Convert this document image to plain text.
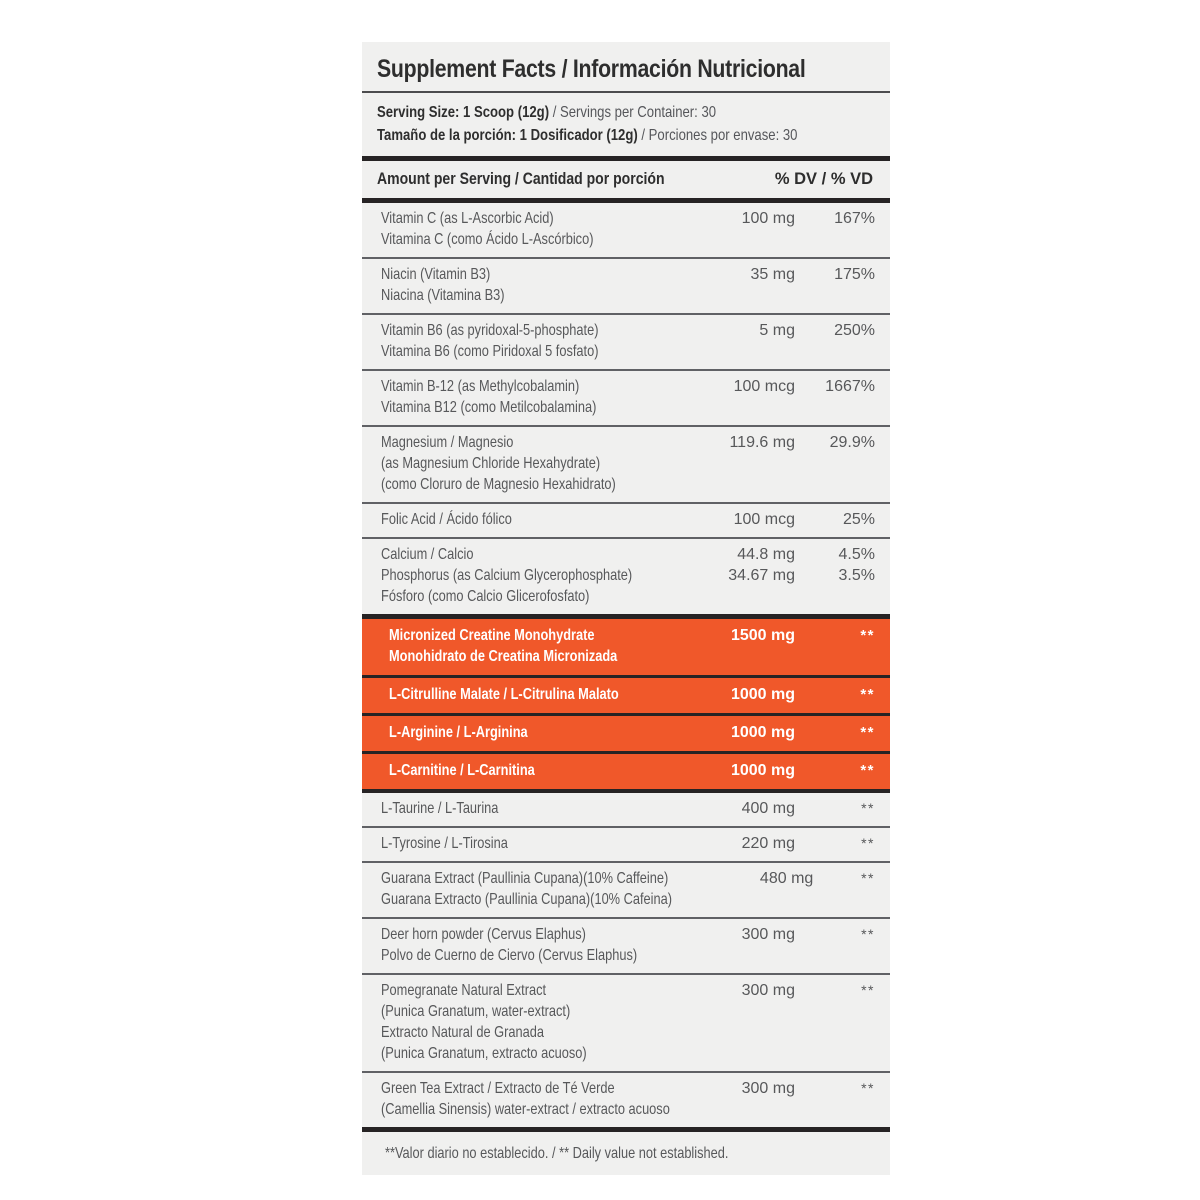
Supplement Facts / Información Nutricional
Serving Size: 1 Scoop (12g) / Servings per Container: 30
Tamaño de la porción: 1 Dosificador (12g) / Porciones por envase: 30
Amount per Serving / Cantidad por porción	% DV / % VD
Vitamin C (as L-Ascorbic Acid)	100 mg	167%
Vitamina C (como Ácido L-Ascórbico)
Niacin (Vitamin B3)	35 mg	175%
Niacina (Vitamina B3)
Vitamin B6 (as pyridoxal-5-phosphate)	5 mg	250%
Vitamina B6 (como Piridoxal 5 fosfato)
Vitamin B-12 (as Methylcobalamin)	100 mcg	1667%
Vitamina B12 (como Metilcobalamina)
Magnesium / Magnesio	119.6 mg	29.9%
(as Magnesium Chloride Hexahydrate)
(como Cloruro de Magnesio Hexahidrato)
Folic Acid / Ácido fólico	100 mcg	25%
Calcium / Calcio	44.8 mg	4.5%
Phosphorus (as Calcium Glycerophosphate)	34.67 mg	3.5%
Fósforo (como Calcio Glicerofosfato)
Micronized Creatine Monohydrate	1500 mg	**
Monohidrato de Creatina Micronizada
L-Citrulline Malate / L-Citrulina Malato	1000 mg	**
L-Arginine / L-Arginina	1000 mg	**
L-Carnitine / L-Carnitina	1000 mg	**
L-Taurine / L-Taurina	400 mg	**
L-Tyrosine / L-Tirosina	220 mg	**
Guarana Extract (Paullinia Cupana)(10% Caffeine)	480 mg	**
Guarana Extracto (Paullinia Cupana)(10% Cafeina)
Deer horn powder (Cervus Elaphus)	300 mg	**
Polvo de Cuerno de Ciervo (Cervus Elaphus)
Pomegranate Natural Extract	300 mg	**
(Punica Granatum, water-extract)
Extracto Natural de Granada
(Punica Granatum, extracto acuoso)
Green Tea Extract / Extracto de Té Verde	300 mg	**
(Camellia Sinensis) water-extract / extracto acuoso
**Valor diario no establecido. / ** Daily value not established.
